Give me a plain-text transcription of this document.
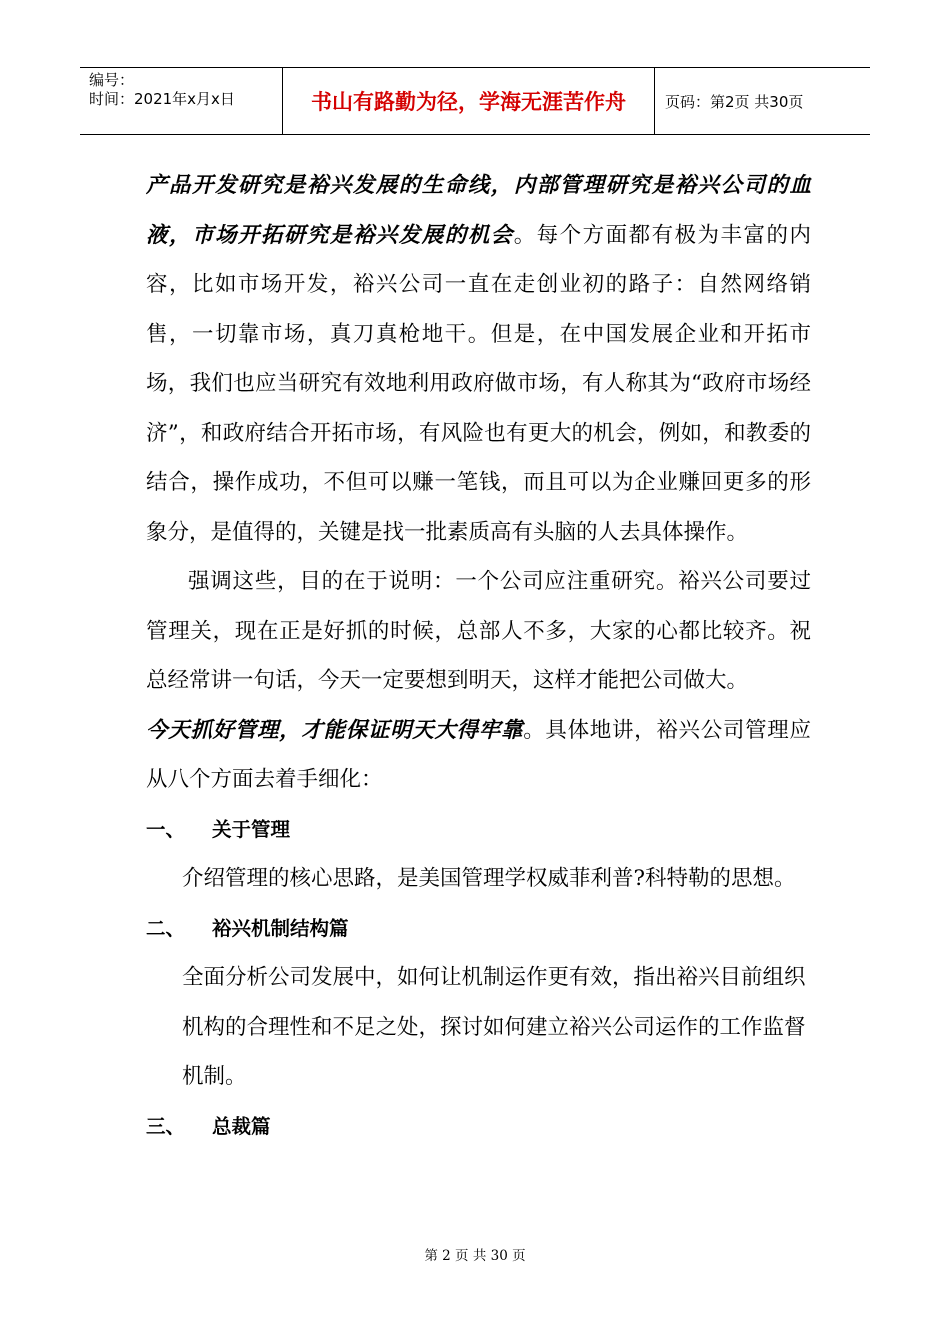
编号：
时间：2021年x月x日	书山有路勤为径，学海无涯苦作舟	页码：第2页 共30页

产品开发研究是裕兴发展的生命线，内部管理研究是裕兴公司的血液，市场开拓研究是裕兴发展的机会。每个方面都有极为丰富的内容，比如市场开发，裕兴公司一直在走创业初的路子：自然网络销售，一切靠市场，真刀真枪地干。但是，在中国发展企业和开拓市场，我们也应当研究有效地利用政府做市场，有人称其为“政府市场经济”，和政府结合开拓市场，有风险也有更大的机会，例如，和教委的结合，操作成功，不但可以赚一笔钱，而且可以为企业赚回更多的形象分，是值得的，关键是找一批素质高有头脑的人去具体操作。

强调这些，目的在于说明：一个公司应注重研究。裕兴公司要过管理关，现在正是好抓的时候，总部人不多，大家的心都比较齐。祝总经常讲一句话，今天一定要想到明天，这样才能把公司做大。

今天抓好管理，才能保证明天大得牢靠。具体地讲，裕兴公司管理应从八个方面去着手细化：

一、	关于管理

介绍管理的核心思路，是美国管理学权威菲利普?科特勒的思想。

二、	裕兴机制结构篇

全面分析公司发展中，如何让机制运作更有效，指出裕兴目前组织机构的合理性和不足之处，探讨如何建立裕兴公司运作的工作监督机制。

三、	总裁篇
第 2 页 共 30 页
